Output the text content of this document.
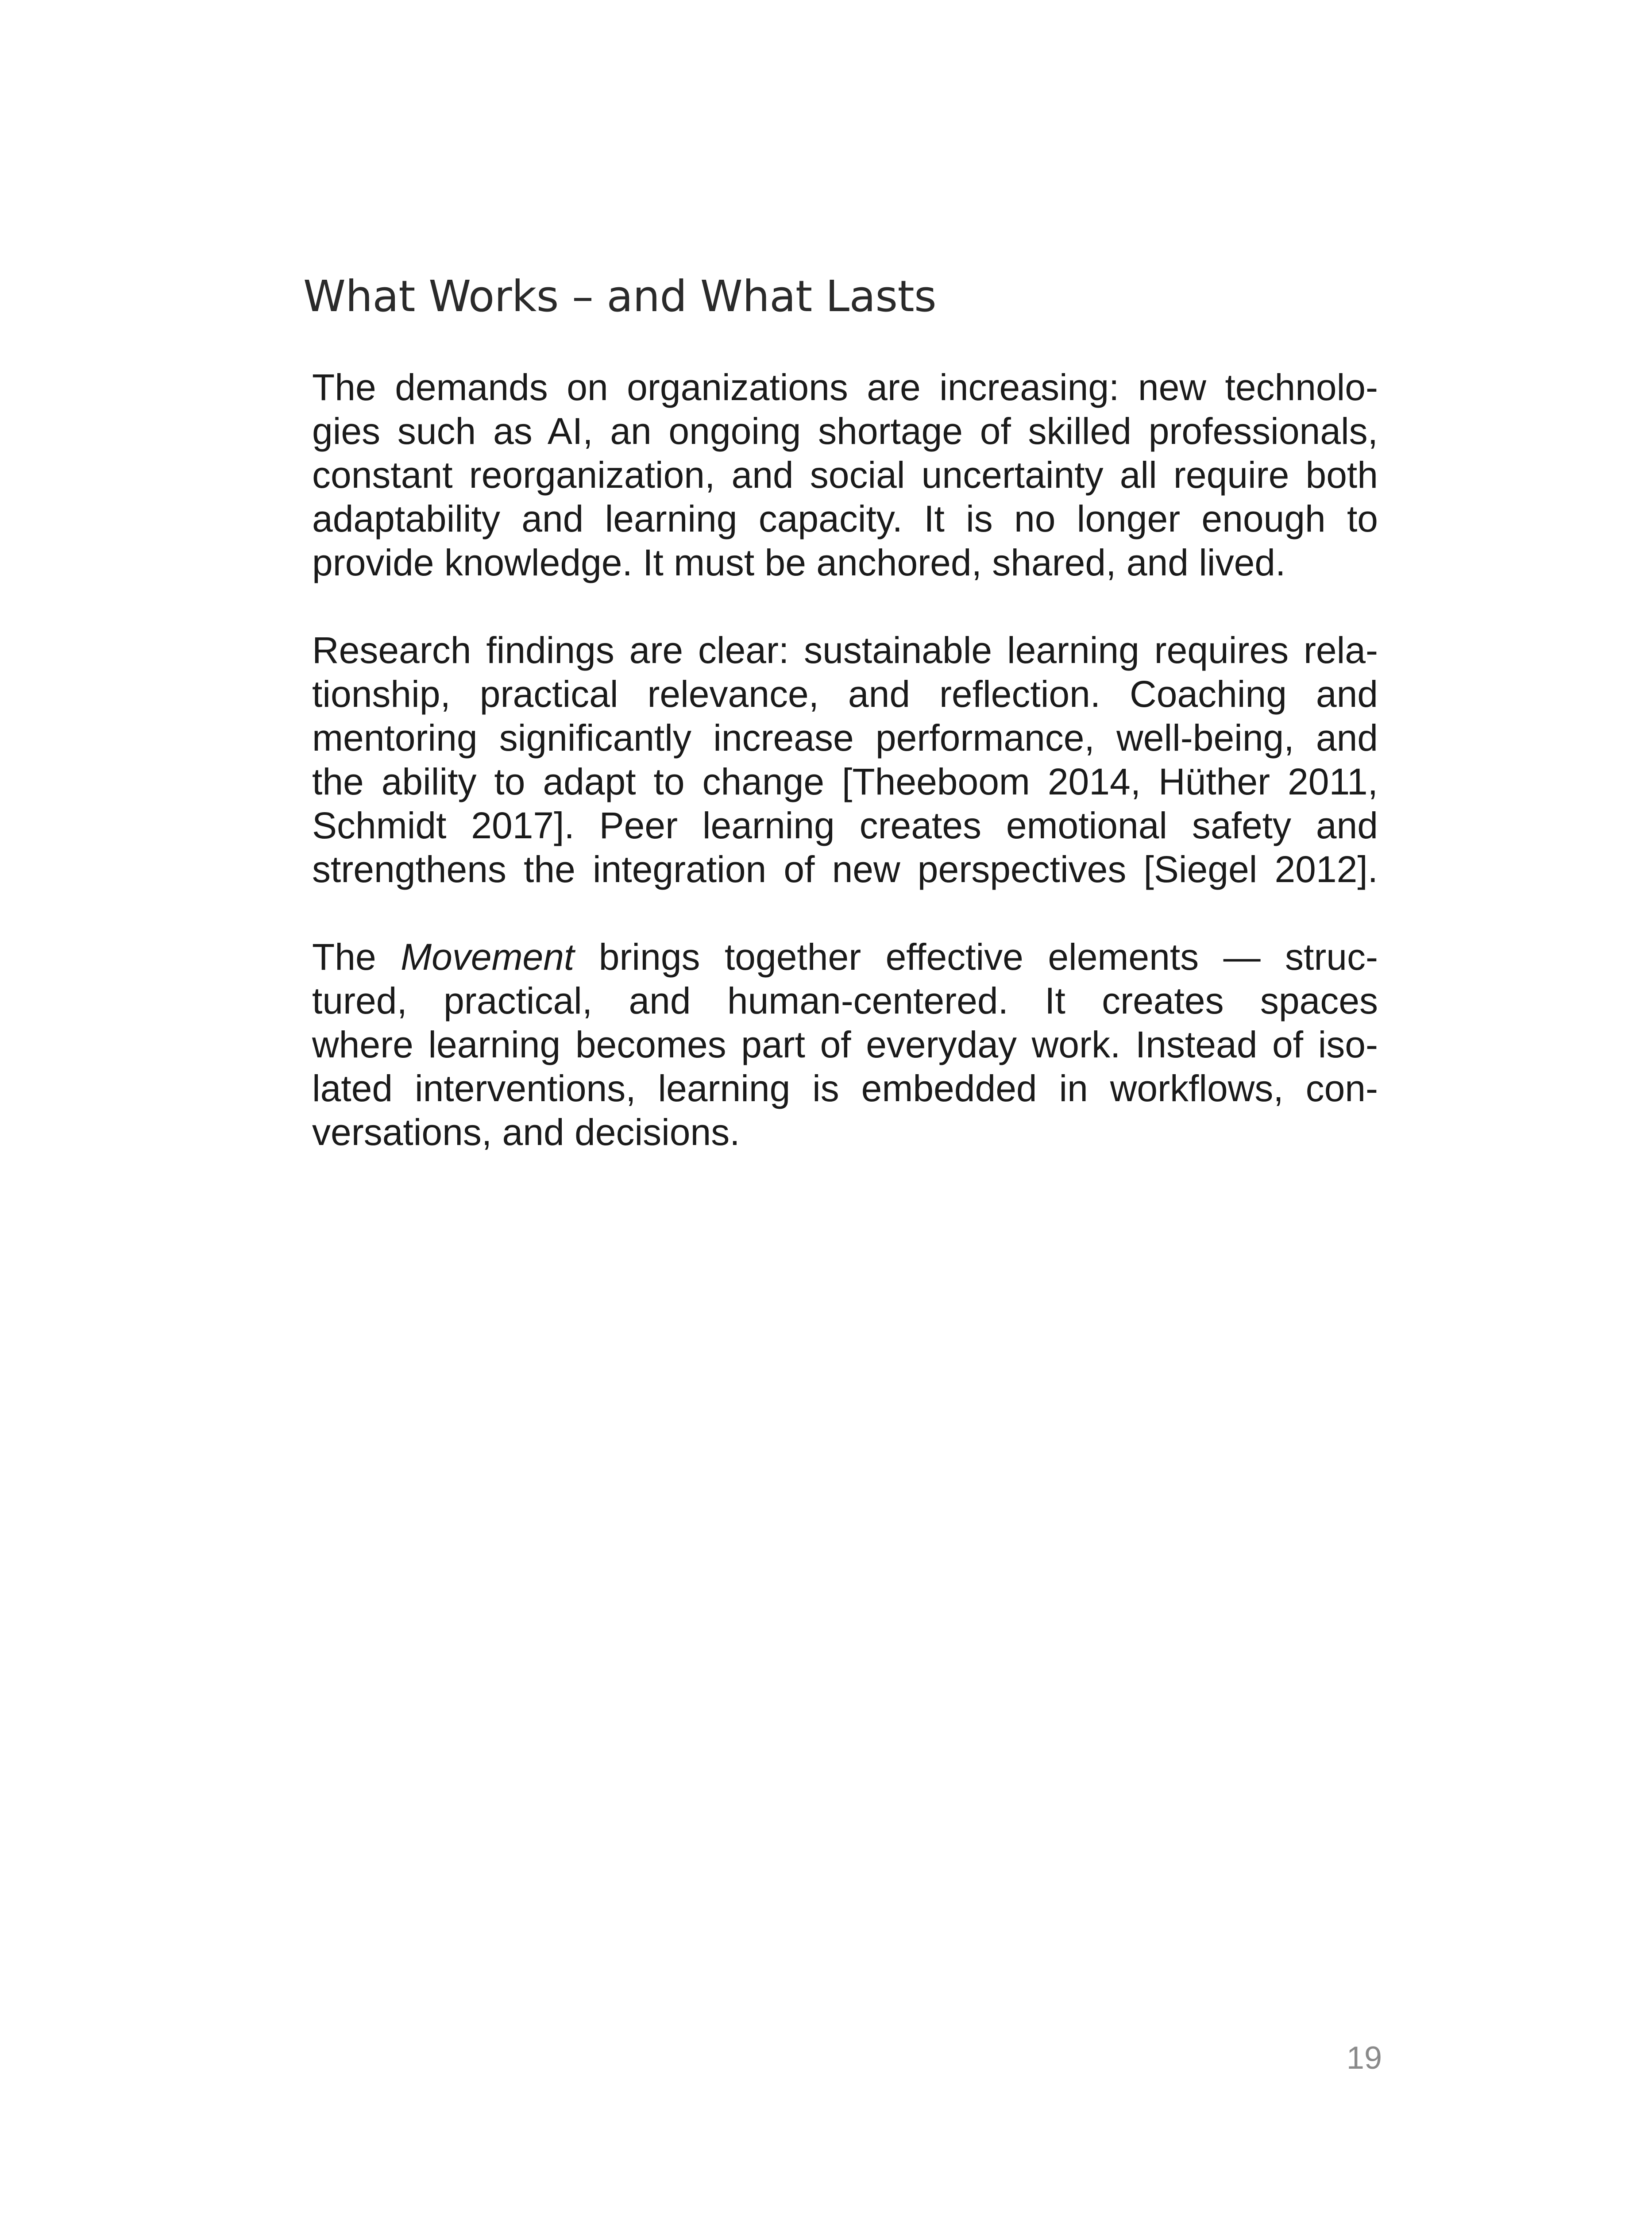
What Works – and What Lasts
The demands on organizations are increasing: new technolo-
gies such as AI, an ongoing shortage of skilled professionals,
constant reorganization, and social uncertainty all require both
adaptability and learning capacity. It is no longer enough to
provide knowledge. It must be anchored, shared, and lived.
Research findings are clear: sustainable learning requires rela-
tionship, practical relevance, and reflection. Coaching and
mentoring significantly increase performance, well-being, and
the ability to adapt to change [Theeboom 2014, Hüther 2011,
Schmidt 2017]. Peer learning creates emotional safety and
strengthens the integration of new perspectives [Siegel 2012].
The Movement brings together effective elements — struc-
tured, practical, and human-centered. It creates spaces
where learning becomes part of everyday work. Instead of iso-
lated interventions, learning is embedded in workflows, con-
versations, and decisions.
19
